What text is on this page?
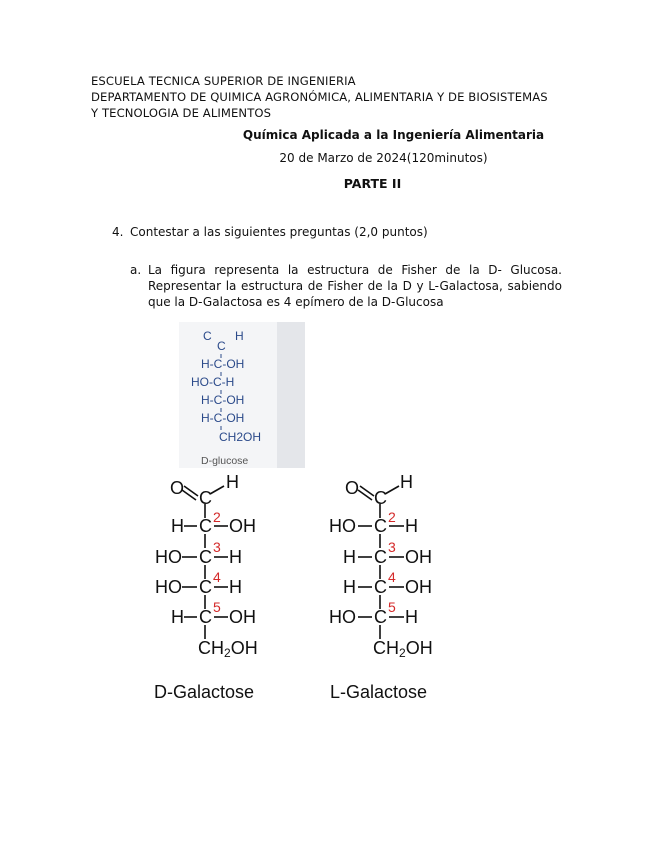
ESCUELA TECNICA SUPERIOR DE INGENIERIA
DEPARTAMENTO DE QUIMICA AGRONÓMICA, ALIMENTARIA Y DE BIOSISTEMAS
Y TECNOLOGIA DE ALIMENTOS
Química Aplicada a la Ingeniería Alimentaria
20 de Marzo de 2024(120minutos)
PARTE II
4. Contestar a las siguientes preguntas (2,0 puntos)
a. La figura representa la estructura de Fisher de la D- Glucosa. Representar la estructura de Fisher de la D y L-Galactosa, sabiendo que la D-Galactosa es 4 epímero de la D-Glucosa
C H
C
H-C-OH
HO-C-H
H-C-OH
H-C-OH
CH2OH
D-glucose
O C
H
H C OH
HO C H
HO C H
H C OH
CH2OH
2
3
4
5
D-Galactose
O C
H
HO C H
H C OH
H C OH
HO C H
CH2OH
2
3
4
5
L-Galactose
